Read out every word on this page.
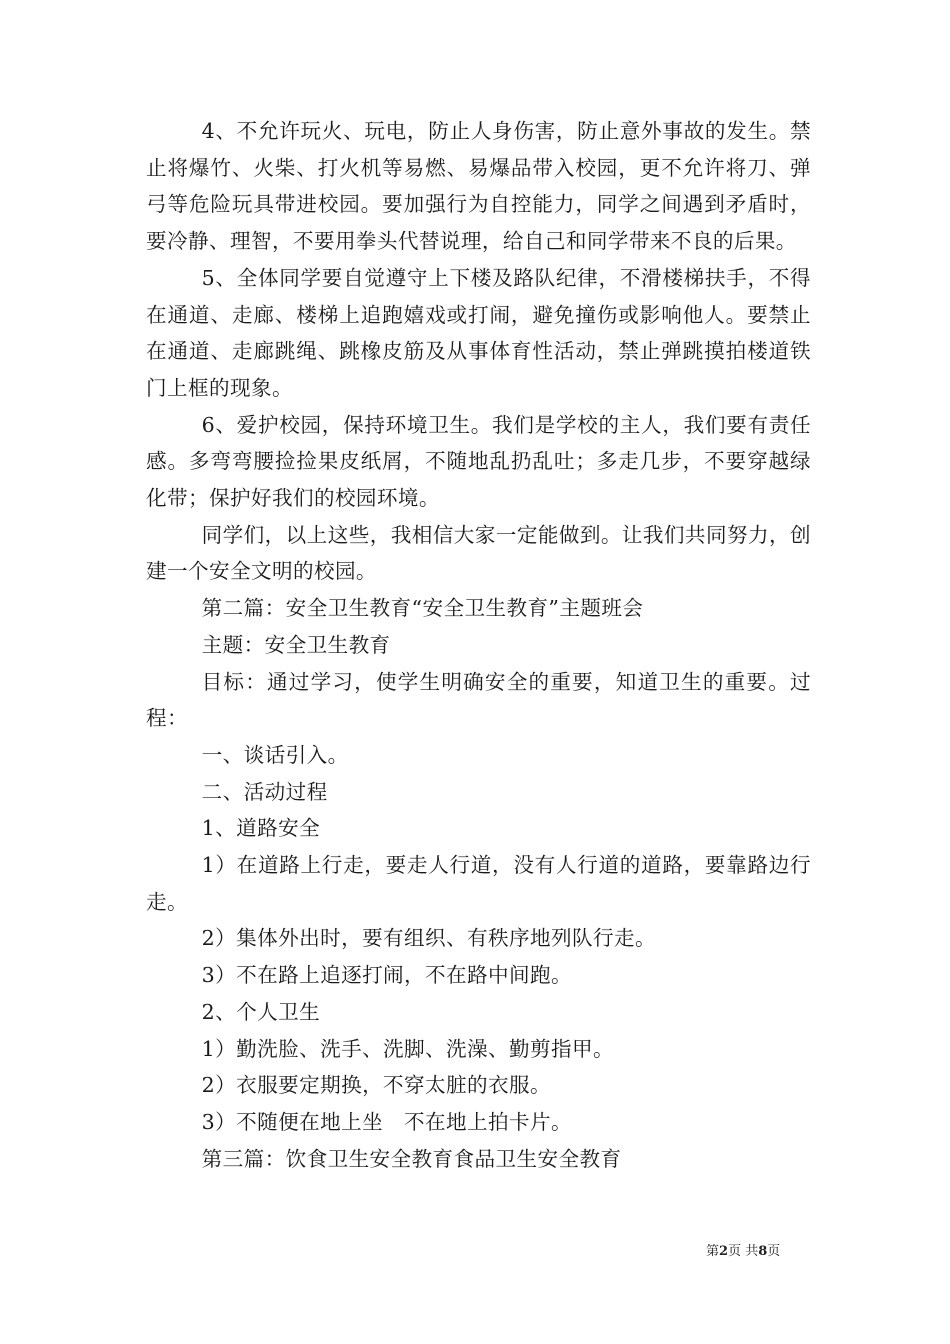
4、不允许玩火、玩电，防止人身伤害，防止意外事故的发生。禁止将爆竹、火柴、打火机等易燃、易爆品带入校园，更不允许将刀、弹弓等危险玩具带进校园。要加强行为自控能力，同学之间遇到矛盾时，要冷静、理智，不要用拳头代替说理，给自己和同学带来不良的后果。

5、全体同学要自觉遵守上下楼及路队纪律，不滑楼梯扶手，不得在通道、走廊、楼梯上追跑嬉戏或打闹，避免撞伤或影响他人。要禁止在通道、走廊跳绳、跳橡皮筋及从事体育性活动，禁止弹跳摸拍楼道铁门上框的现象。

6、爱护校园，保持环境卫生。我们是学校的主人，我们要有责任感。多弯弯腰捡捡果皮纸屑，不随地乱扔乱吐；多走几步，不要穿越绿化带；保护好我们的校园环境。

同学们，以上这些，我相信大家一定能做到。让我们共同努力，创建一个安全文明的校园。

第二篇：安全卫生教育“安全卫生教育”主题班会

主题：安全卫生教育

目标：通过学习，使学生明确安全的重要，知道卫生的重要。过程：

一、谈话引入。

二、活动过程

1、道路安全

1）在道路上行走，要走人行道，没有人行道的道路，要靠路边行走。

2）集体外出时，要有组织、有秩序地列队行走。

3）不在路上追逐打闹，不在路中间跑。

2、个人卫生

1）勤洗脸、洗手、洗脚、洗澡、勤剪指甲。

2）衣服要定期换，不穿太脏的衣服。

3）不随便在地上坐　不在地上拍卡片。

第三篇：饮食卫生安全教育食品卫生安全教育

第2页 共8页
